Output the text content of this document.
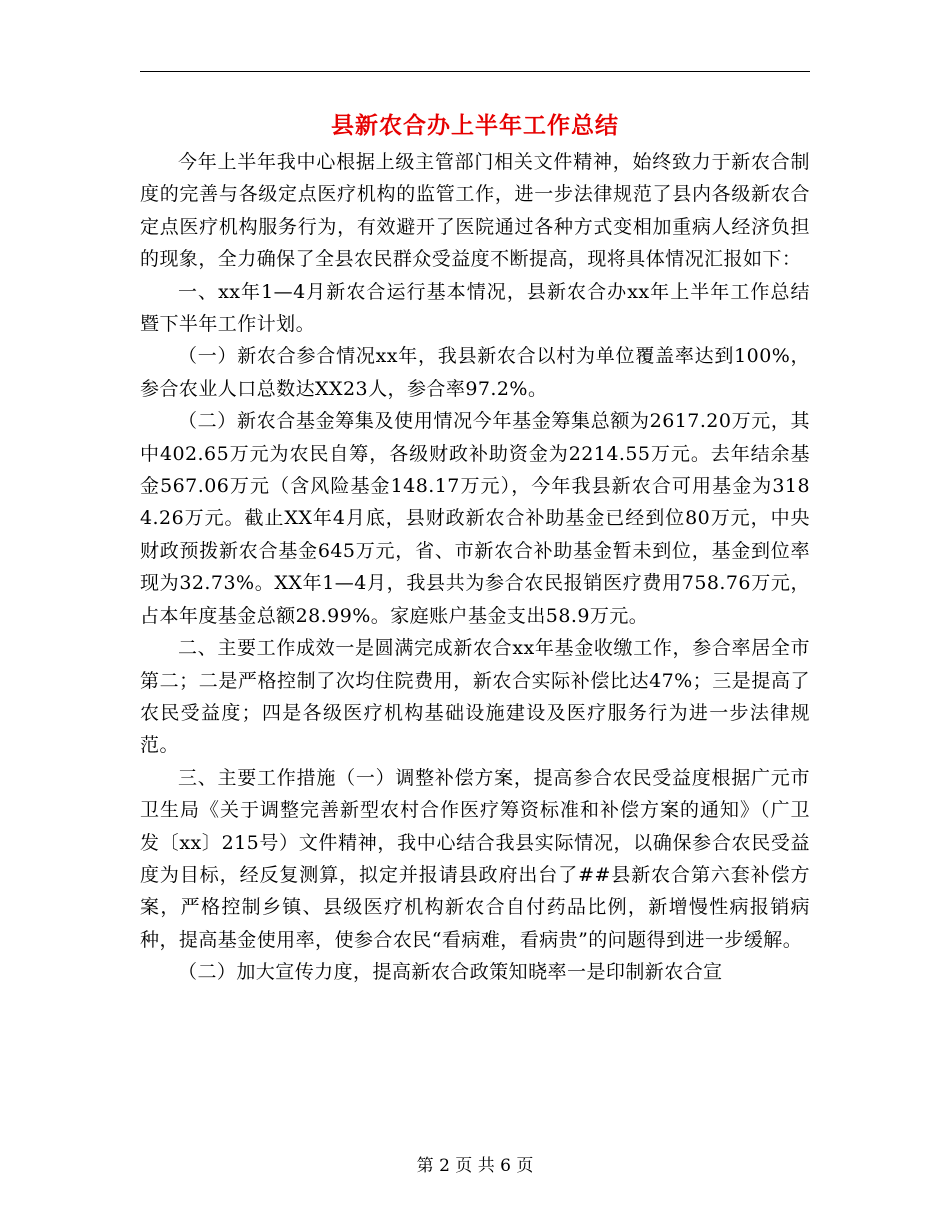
县新农合办上半年工作总结

今年上半年我中心根据上级主管部门相关文件精神，始终致力于新农合制度的完善与各级定点医疗机构的监管工作，进一步法律规范了县内各级新农合定点医疗机构服务行为，有效避开了医院通过各种方式变相加重病人经济负担的现象，全力确保了全县农民群众受益度不断提高，现将具体情况汇报如下：

一、xx年1—4月新农合运行基本情况，县新农合办xx年上半年工作总结暨下半年工作计划。

（一）新农合参合情况xx年，我县新农合以村为单位覆盖率达到100%，参合农业人口总数达XX23人，参合率97.2%。

（二）新农合基金筹集及使用情况今年基金筹集总额为2617.20万元，其中402.65万元为农民自筹，各级财政补助资金为2214.55万元。去年结余基金567.06万元（含风险基金148.17万元），今年我县新农合可用基金为3184.26万元。截止XX年4月底，县财政新农合补助基金已经到位80万元，中央财政预拨新农合基金645万元，省、市新农合补助基金暂未到位，基金到位率现为32.73%。XX年1—4月，我县共为参合农民报销医疗费用758.76万元，占本年度基金总额28.99%。家庭账户基金支出58.9万元。

二、主要工作成效一是圆满完成新农合xx年基金收缴工作，参合率居全市第二；二是严格控制了次均住院费用，新农合实际补偿比达47%；三是提高了农民受益度；四是各级医疗机构基础设施建设及医疗服务行为进一步法律规范。

三、主要工作措施（一）调整补偿方案，提高参合农民受益度根据广元市卫生局《关于调整完善新型农村合作医疗筹资标准和补偿方案的通知》（广卫发〔xx〕215号）文件精神，我中心结合我县实际情况，以确保参合农民受益度为目标，经反复测算，拟定并报请县政府出台了##县新农合第六套补偿方案，严格控制乡镇、县级医疗机构新农合自付药品比例，新增慢性病报销病种，提高基金使用率，使参合农民“看病难，看病贵”的问题得到进一步缓解。

（二）加大宣传力度，提高新农合政策知晓率一是印制新农合宣

第 2 页 共 6 页
